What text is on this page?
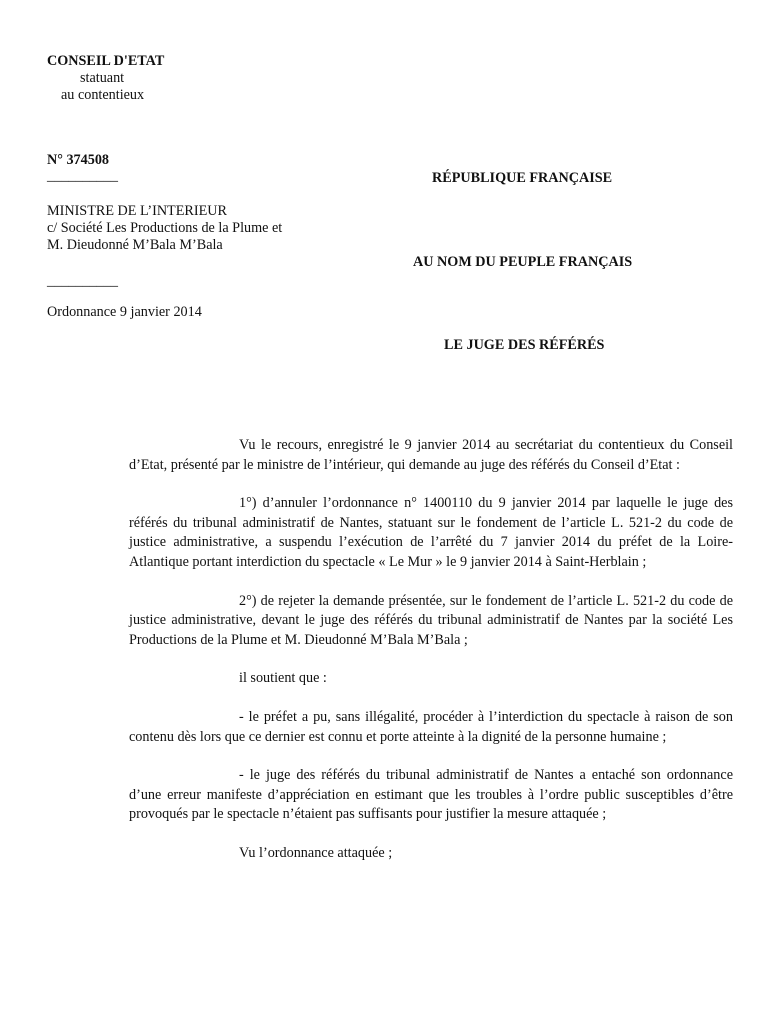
CONSEIL D'ETAT
statuant
au contentieux
N° 374508
__________
MINISTRE DE L’INTERIEUR
c/ Société Les Productions de la Plume et
M. Dieudonné M’Bala M’Bala
__________
Ordonnance 9 janvier 2014
RÉPUBLIQUE FRANÇAISE
AU NOM DU PEUPLE FRANÇAIS
LE JUGE DES RÉFÉRÉS

Vu le recours, enregistré le 9 janvier 2014 au secrétariat du contentieux du Conseil d’Etat, présenté par le ministre de l’intérieur, qui demande au juge des référés du Conseil d’Etat :

1°) d’annuler l’ordonnance n° 1400110 du 9 janvier 2014 par laquelle le juge des référés du tribunal administratif de Nantes, statuant sur le fondement de l’article L. 521-2 du code de justice administrative, a suspendu l’exécution de l’arrêté du 7 janvier 2014 du préfet de la Loire-Atlantique portant interdiction du spectacle « Le Mur » le 9 janvier 2014 à Saint-Herblain ;

2°) de rejeter la demande présentée, sur le fondement de l’article L. 521-2 du code de justice administrative, devant le juge des référés du tribunal administratif de Nantes par la société Les Productions de la Plume et M. Dieudonné M’Bala M’Bala ;

il soutient que :

- le préfet a pu, sans illégalité, procéder à l’interdiction du spectacle à raison de son contenu dès lors que ce dernier est connu et porte atteinte à la dignité de la personne humaine ;

- le juge des référés du tribunal administratif de Nantes a entaché son ordonnance d’une erreur manifeste d’appréciation en estimant que les troubles à l’ordre public susceptibles d’être provoqués par le spectacle n’étaient pas suffisants pour justifier la mesure attaquée ;

Vu l’ordonnance attaquée ;
